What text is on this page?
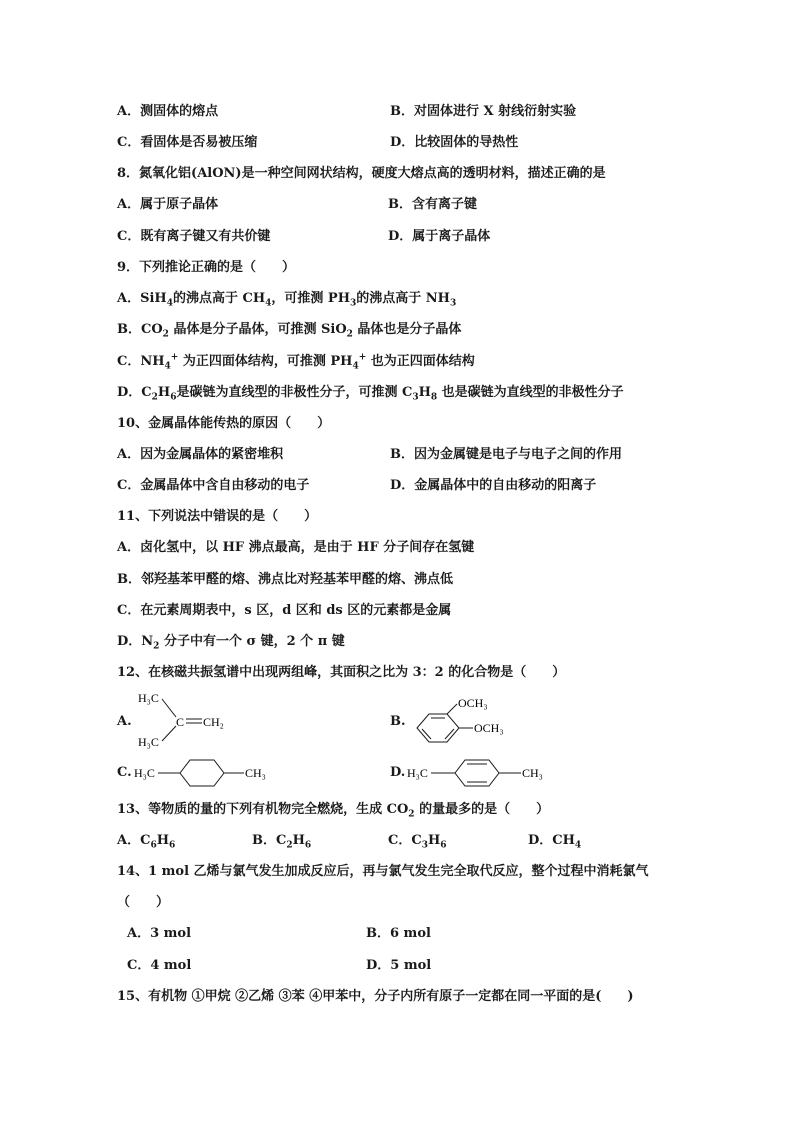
A．测固体的熔点	B．对固体进行 X 射线衍射实验
C．看固体是否易被压缩	D．比较固体的导热性
8．氮氧化铝(AlON)是一种空间网状结构，硬度大熔点高的透明材料，描述正确的是
A．属于原子晶体	B．含有离子键
C．既有离子键又有共价键	D．属于离子晶体
9．下列推论正确的是（　　）
A．SiH$_4$的沸点高于 $CH_4$，可推测 $PH_3$的沸点高于 $NH_3$
B．$CO_2$ 晶体是分子晶体，可推测 SiO$_2$ 晶体也是分子晶体
C．$NH_4^+$ 为正四面体结构，可推测 $PH_4^+$ 也为正四面体结构
D．$C_2H_6$是碳链为直线型的非极性分子，可推测 $C_3H_8$ 也是碳链为直线型的非极性分子
10、金属晶体能传热的原因（　　）
A．因为金属晶体的紧密堆积	B．因为金属键是电子与电子之间的作用
C．金属晶体中含自由移动的电子	D．金属晶体中的自由移动的阳离子
11、下列说法中错误的是（　　）
A．卤化氢中，以 HF 沸点最高，是由于 HF 分子间存在氢键
B．邻羟基苯甲醛的熔、沸点比对羟基苯甲醛的熔、沸点低
C．在元素周期表中，s 区，d 区和 ds 区的元素都是金属
D．$N_2$ 分子中有一个 σ 键，2 个 π 键
12、在核磁共振氢谱中出现两组峰，其面积之比为 3：2 的化合物是（　　）
A.
H₃C
H₃C
C CH₂	B.
OCH₃
OCH₃
C. H₃C	CH₃	D. H₃C	CH₃
13、等物质的量的下列有机物完全燃烧，生成 $CO_2$ 的量最多的是（　　）
A．$C_6H_6$	B．$C_2H_6$	C．$C_3H_6$	D．$CH_4$
14、1 mol 乙烯与氯气发生加成反应后，再与氯气发生完全取代反应，整个过程中消耗氯气
（　　）
A．3 mol	B．6 mol
C．4 mol	D．5 mol
15、有机物 ①甲烷 ②乙烯 ③苯 ④甲苯中，分子内所有原子一定都在同一平面的是(　　)
